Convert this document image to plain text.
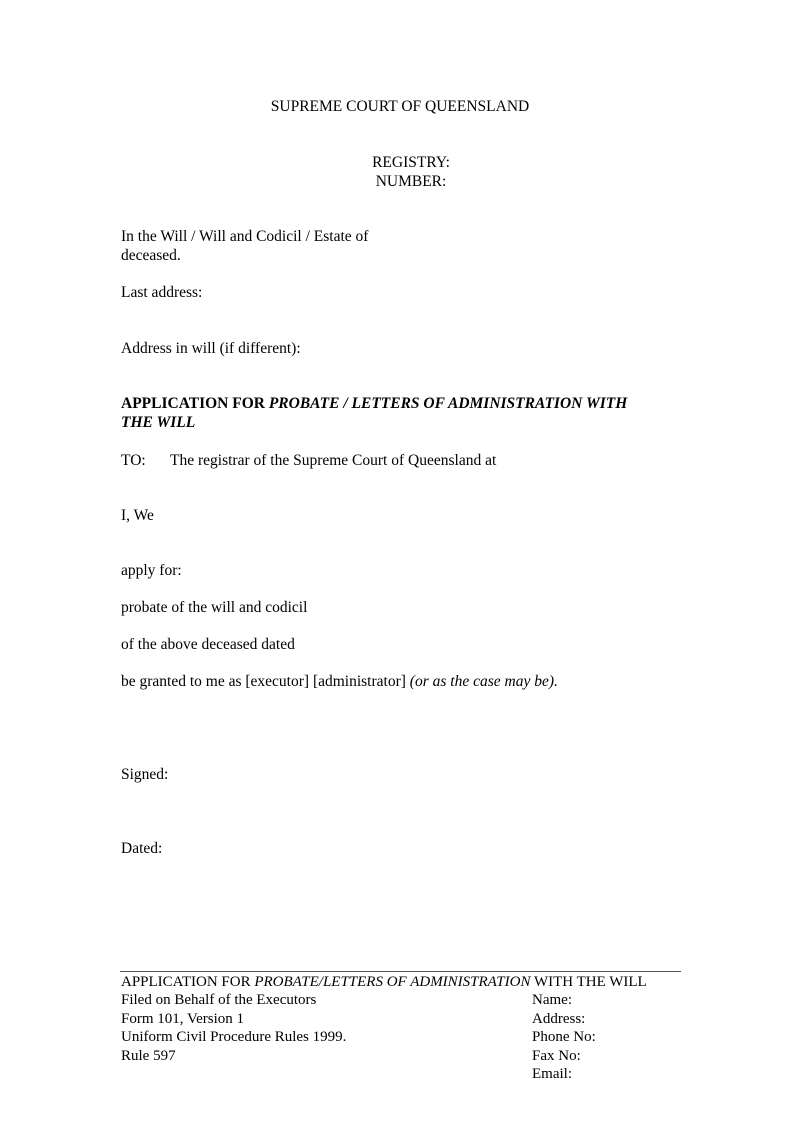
SUPREME COURT OF QUEENSLAND
REGISTRY:
NUMBER:
In the Will / Will and Codicil / Estate of
deceased.
Last address:
Address in will (if different):
APPLICATION FOR PROBATE / LETTERS OF ADMINISTRATION WITH
THE WILL
TO: The registrar of the Supreme Court of Queensland at
I, We
apply for:
probate of the will and codicil
of the above deceased dated
be granted to me as [executor] [administrator] (or as the case may be).
Signed:
Dated:
APPLICATION FOR PROBATE/LETTERS OF ADMINISTRATION WITH THE WILL
Filed on Behalf of the Executors
Form 101, Version 1
Uniform Civil Procedure Rules 1999.
Rule 597
Name:
Address:
Phone No:
Fax No:
Email:
